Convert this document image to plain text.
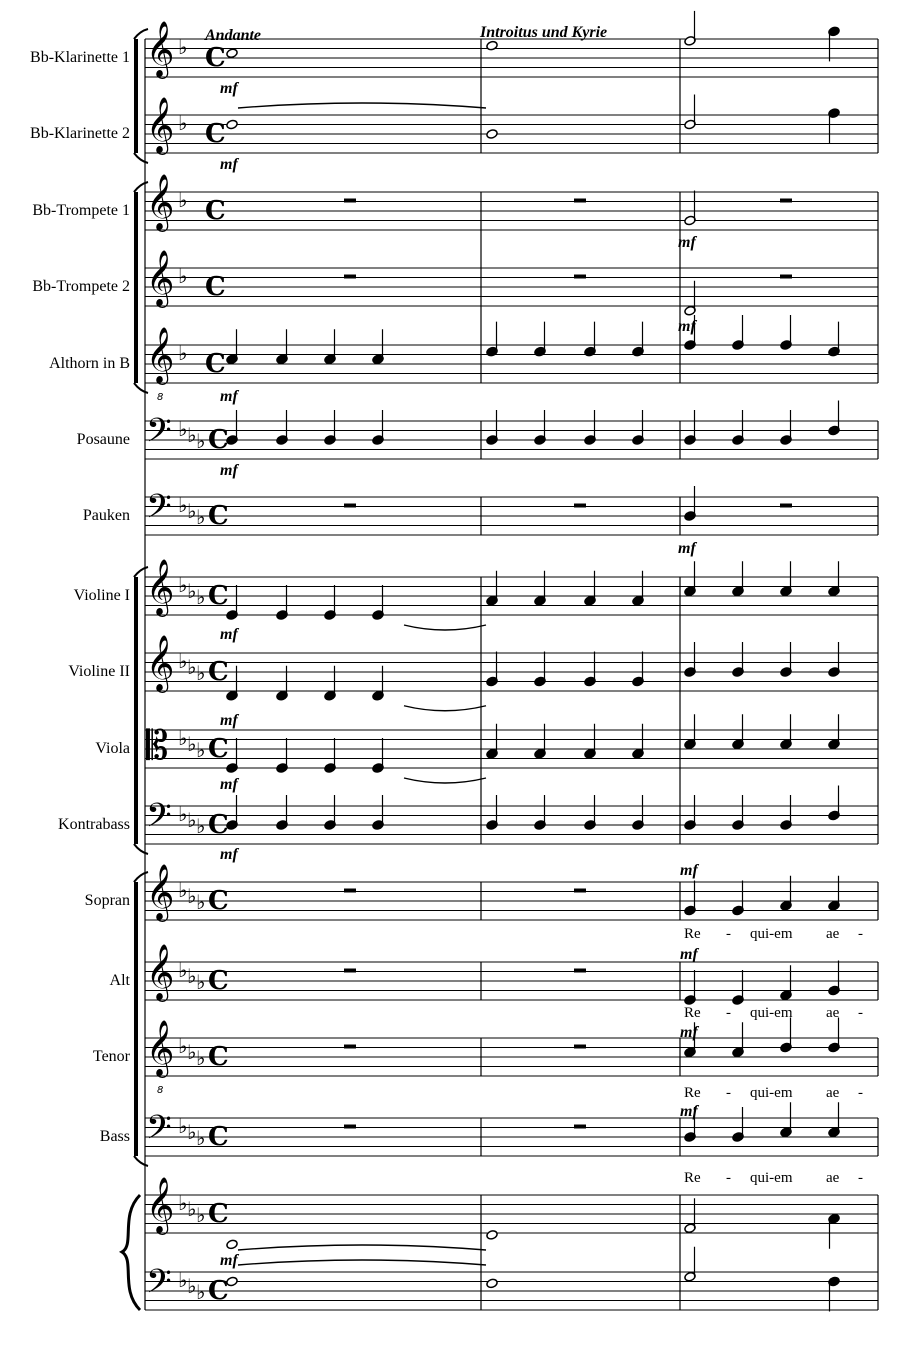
Bb-Klarinette 1 𝄞 ♭ C
Bb-Klarinette 2 𝄞 ♭ C
Bb-Trompete 1 𝄞 ♭ C
Bb-Trompete 2 𝄞 ♭ C
Althorn in B 𝄞
8
♭ C
Posaune 𝄢 ♭ ♭ ♭ C
Pauken 𝄢 ♭ ♭ ♭ C
Violine I 𝄞 ♭ ♭ ♭ C
Violine II 𝄞 ♭ ♭ ♭ C
Viola 𝄡 ♭ ♭ ♭ C
Kontrabass 𝄢 ♭ ♭ ♭ C
Sopran 𝄞 ♭ ♭ ♭ C
Alt 𝄞 ♭ ♭ ♭ C
Tenor 𝄞
8
♭ ♭ ♭ C
Bass 𝄢 ♭ ♭ ♭ C
𝄞 ♭ ♭ ♭ C
𝄢 ♭ ♭ ♭ C
Andante	Introitus und Kyrie
mf
mf
mf
mf
mf
mf
mf
mf
mf
mf
mf
mf
mf
mf
mf
mf
Re - qui-em ae -
Re - qui-em ae -
Re - qui-em ae -
Re - qui-em ae -
